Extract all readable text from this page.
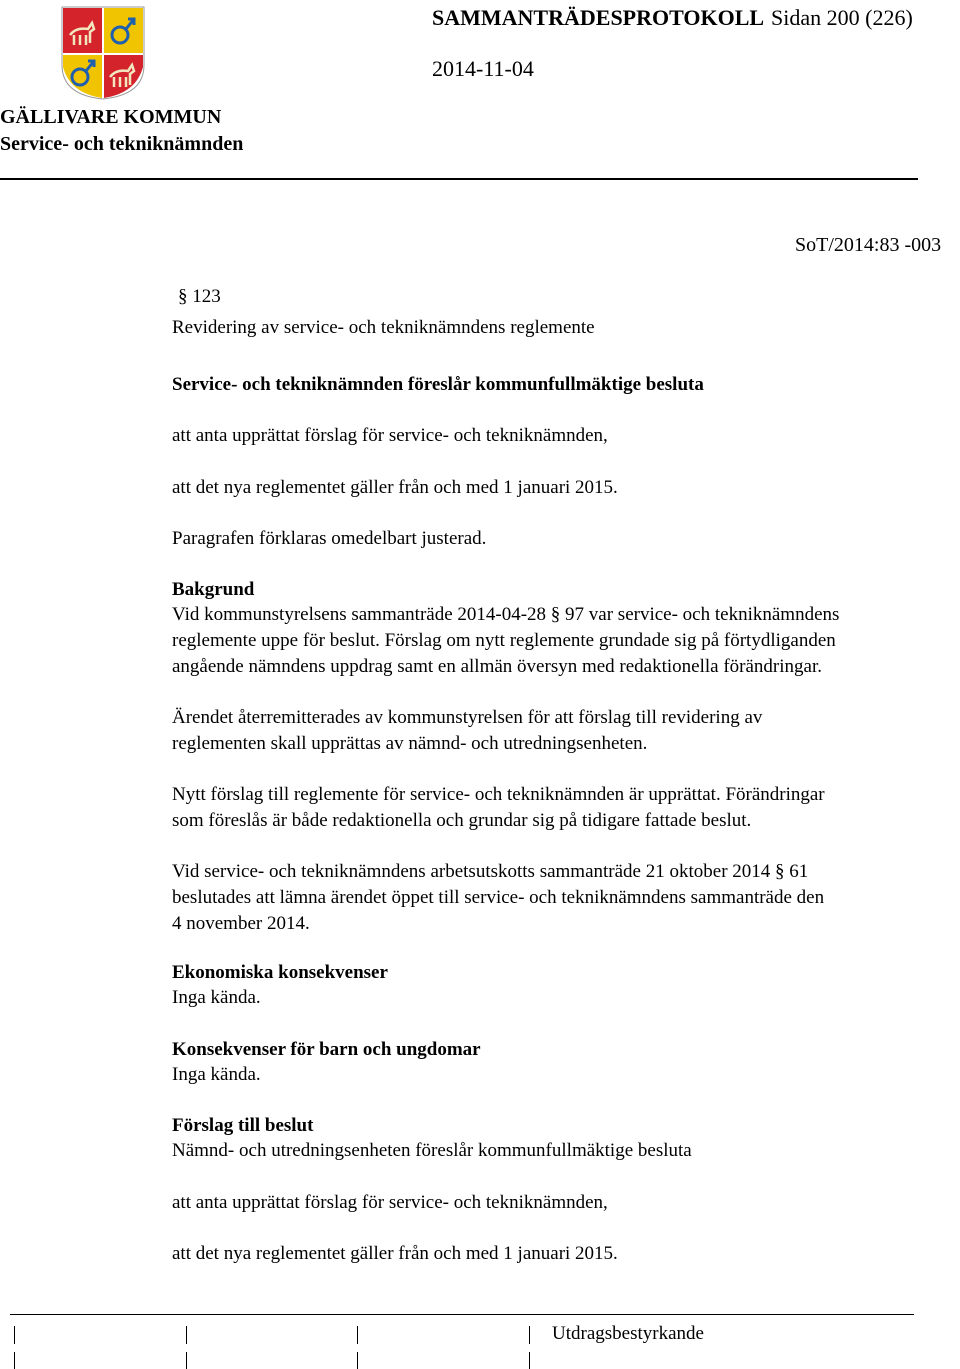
SAMMANTRÄDESPROTOKOLL Sidan 200 (226)
2014-11-04
GÄLLIVARE KOMMUN
Service- och tekniknämnden
SoT/2014:83 -003
§ 123
Revidering av service- och tekniknämndens reglemente
Service- och tekniknämnden föreslår kommunfullmäktige besluta
att anta upprättat förslag för service- och tekniknämnden,
att det nya reglementet gäller från och med 1 januari 2015.
Paragrafen förklaras omedelbart justerad.
Bakgrund
Vid kommunstyrelsens sammanträde 2014-04-28 § 97 var service- och tekniknämndens
reglemente uppe för beslut. Förslag om nytt reglemente grundade sig på förtydliganden
angående nämndens uppdrag samt en allmän översyn med redaktionella förändringar.
Ärendet återremitterades av kommunstyrelsen för att förslag till revidering av
reglementen skall upprättas av nämnd- och utredningsenheten.
Nytt förslag till reglemente för service- och tekniknämnden är upprättat. Förändringar
som föreslås är både redaktionella och grundar sig på tidigare fattade beslut.
Vid service- och tekniknämndens arbetsutskotts sammanträde 21 oktober 2014 § 61
beslutades att lämna ärendet öppet till service- och tekniknämndens sammanträde den
4 november 2014.
Ekonomiska konsekvenser
Inga kända.
Konsekvenser för barn och ungdomar
Inga kända.
Förslag till beslut
Nämnd- och utredningsenheten föreslår kommunfullmäktige besluta
att anta upprättat förslag för service- och tekniknämnden,
att det nya reglementet gäller från och med 1 januari 2015.
Utdragsbestyrkande
